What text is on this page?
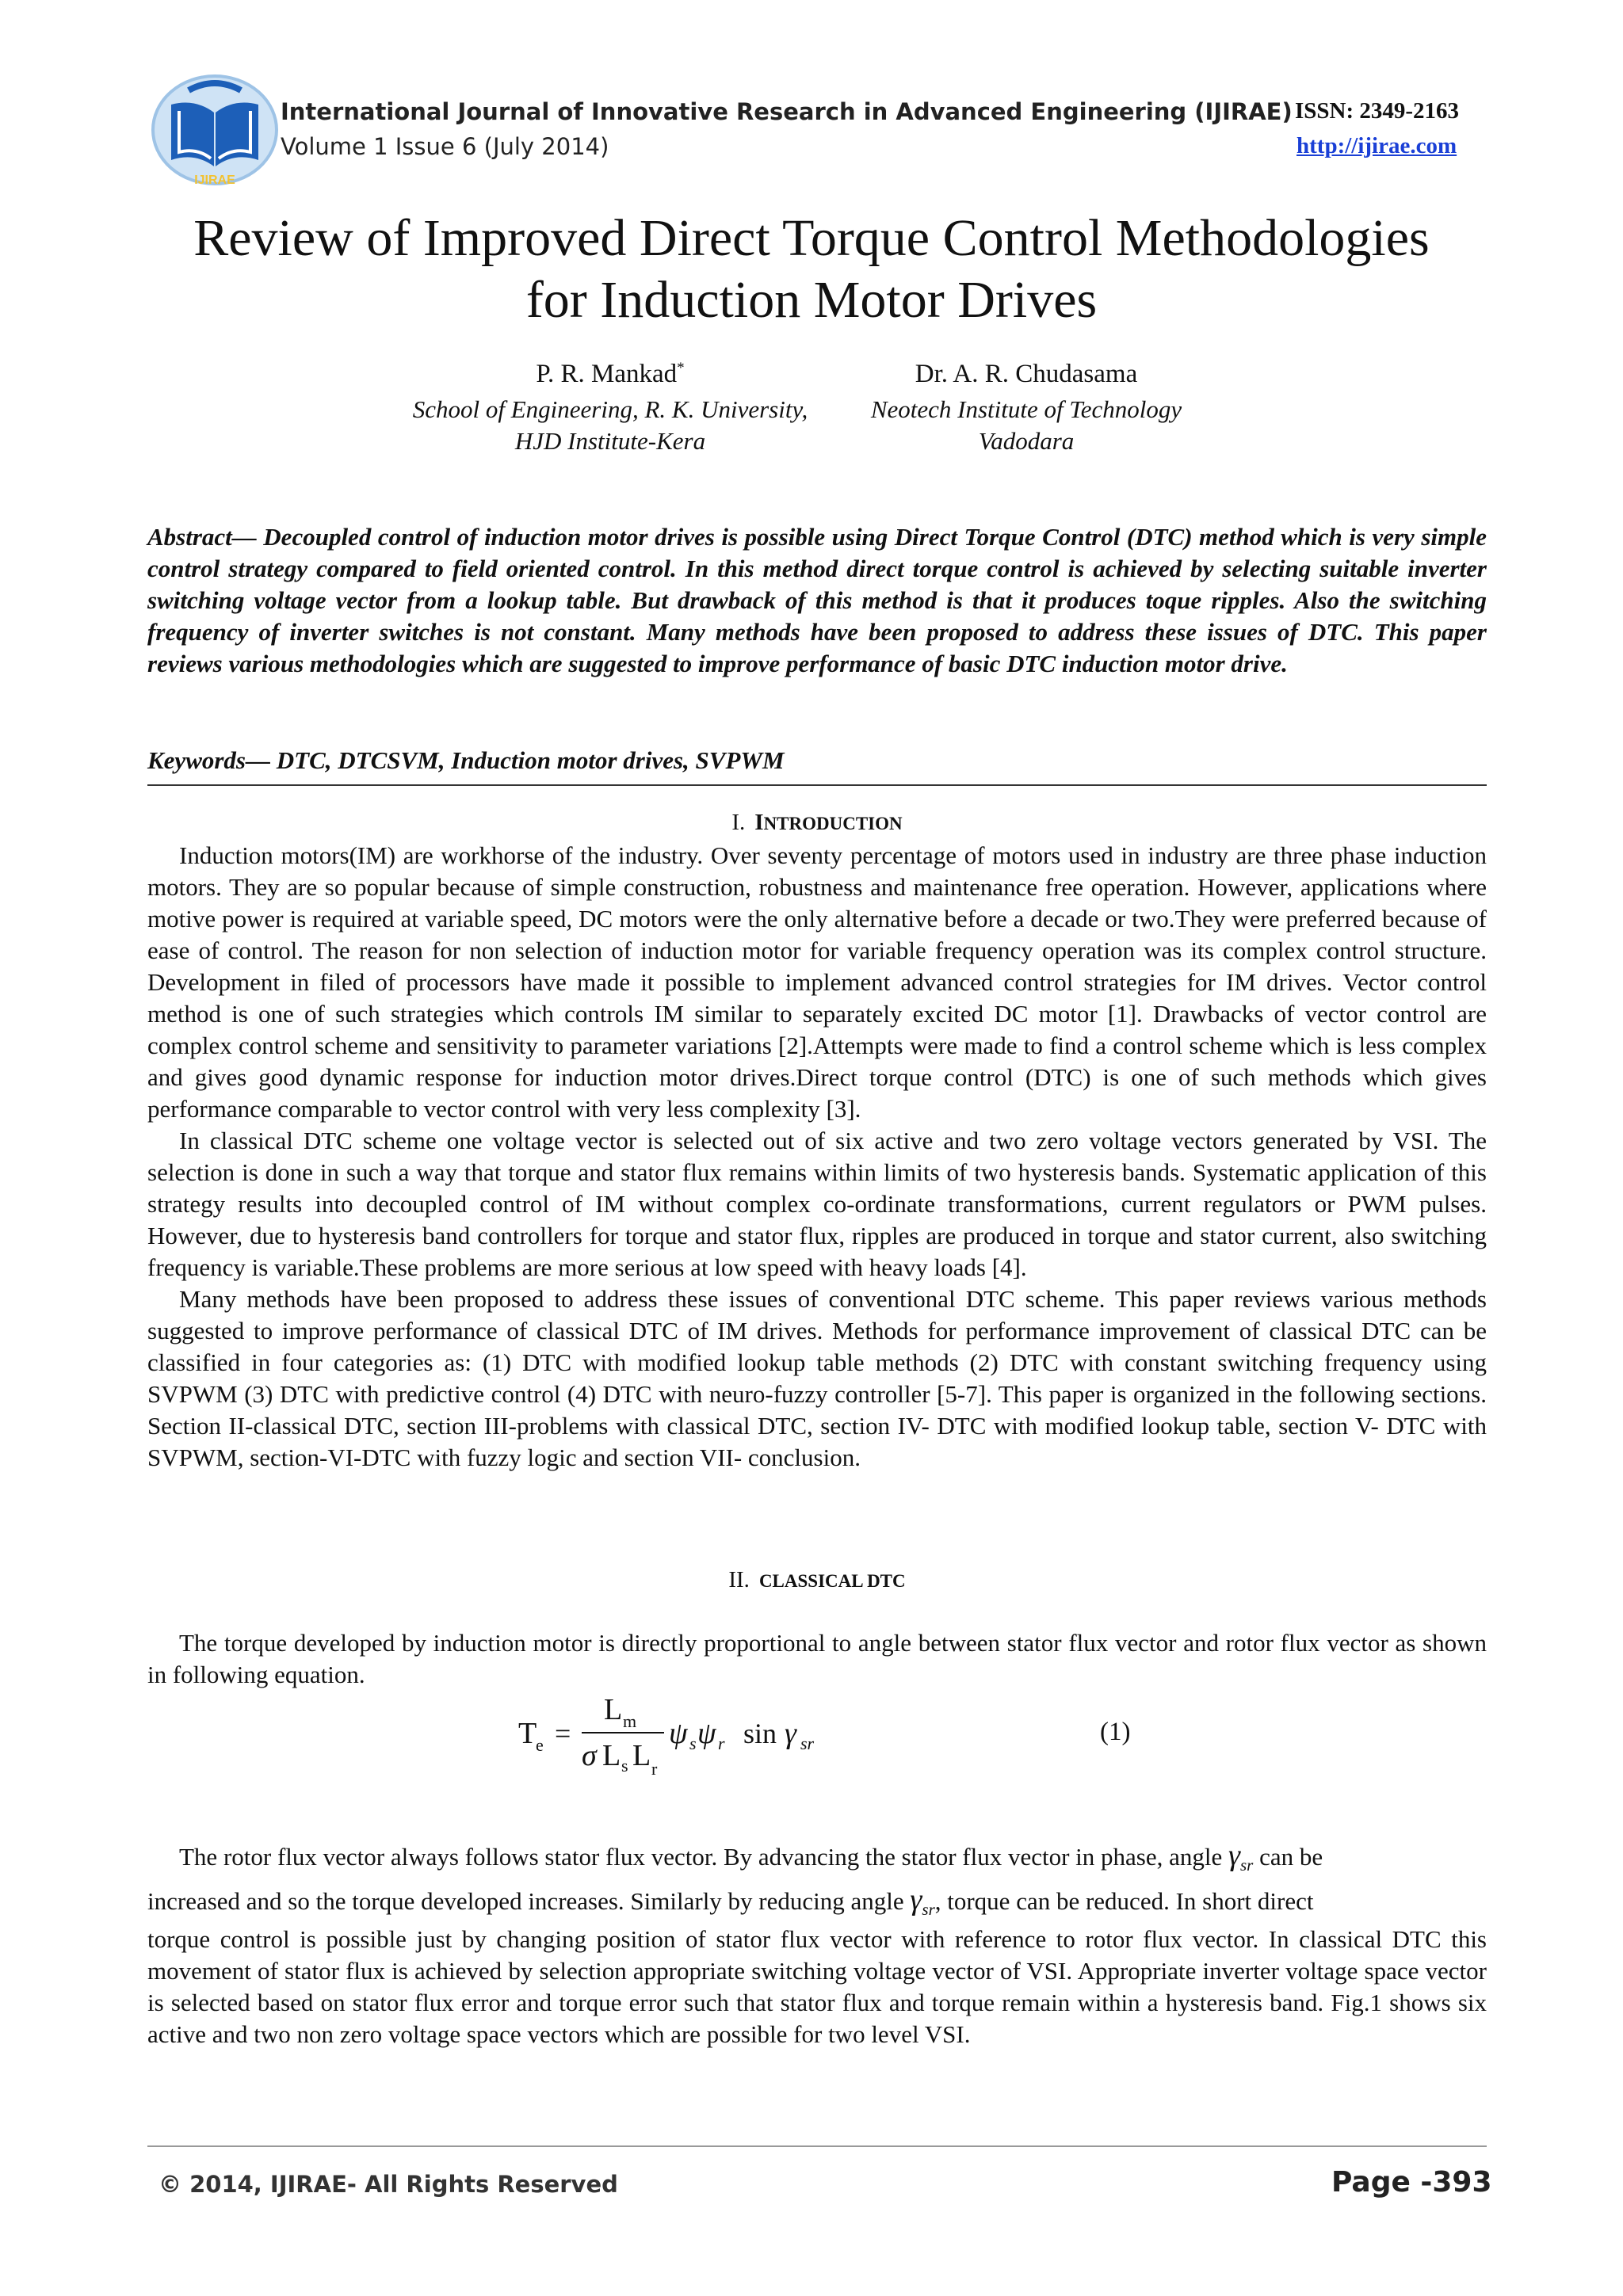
IJIRAE
International Journal of Innovative Research in Advanced Engineering (IJIRAE) ISSN: 2349-2163
Volume 1 Issue 6 (July 2014)	http://ijirae.com
Review of Improved Direct Torque Control Methodologies
for Induction Motor Drives
P. R. Mankad*
School of Engineering, R. K. University,
HJD Institute-Kera
Dr. A. R. Chudasama
Neotech Institute of Technology
Vadodara

Abstract— Decoupled control of induction motor drives is possible using Direct Torque Control (DTC) method which is very simple control strategy compared to field oriented control. In this method direct torque control is achieved by selecting suitable inverter switching voltage vector from a lookup table. But drawback of this method is that it produces toque ripples. Also the switching frequency of inverter switches is not constant. Many methods have been proposed to address these issues of DTC. This paper reviews various methodologies which are suggested to improve performance of basic DTC induction motor drive.

Keywords— DTC, DTCSVM, Induction motor drives, SVPWM

I. INTRODUCTION

Induction motors(IM) are workhorse of the industry. Over seventy percentage of motors used in industry are three phase induction motors. They are so popular because of simple construction, robustness and maintenance free operation. However, applications where motive power is required at variable speed, DC motors were the only alternative before a decade or two.They were preferred because of ease of control. The reason for non selection of induction motor for variable frequency operation was its complex control structure. Development in filed of processors have made it possible to implement advanced control strategies for IM drives. Vector control method is one of such strategies which controls IM similar to separately excited DC motor [1]. Drawbacks of vector control are complex control scheme and sensitivity to parameter variations [2].Attempts were made to find a control scheme which is less complex and gives good dynamic response for induction motor drives.Direct torque control (DTC) is one of such methods which gives performance comparable to vector control with very less complexity [3].

In classical DTC scheme one voltage vector is selected out of six active and two zero voltage vectors generated by VSI. The selection is done in such a way that torque and stator flux remains within limits of two hysteresis bands. Systematic application of this strategy results into decoupled control of IM without complex co-ordinate transformations, current regulators or PWM pulses. However, due to hysteresis band controllers for torque and stator flux, ripples are produced in torque and stator current, also switching frequency is variable.These problems are more serious at low speed with heavy loads [4].

Many methods have been proposed to address these issues of conventional DTC scheme. This paper reviews various methods suggested to improve performance of classical DTC of IM drives. Methods for performance improvement of classical DTC can be classified in four categories as: (1) DTC with modified lookup table methods (2) DTC with constant switching frequency using SVPWM (3) DTC with predictive control (4) DTC with neuro-fuzzy controller [5-7]. This paper is organized in the following sections. Section II-classical DTC, section III-problems with classical DTC, section IV- DTC with modified lookup table, section V- DTC with SVPWM, section-VI-DTC with fuzzy logic and section VII- conclusion.

II. CLASSICAL DTC

The torque developed by induction motor is directly proportional to angle between stator flux vector and rotor flux vector as shown in following equation.

T
e =
L m
σ L s L r
ψ s ψ r sin γ sr	(1)

The rotor flux vector always follows stator flux vector. By advancing the stator flux vector in phase, angle $\gamma_{sr}$ can be

increased and so the torque developed increases. Similarly by reducing angle $\gamma_{sr}$, torque can be reduced. In short direct

torque control is possible just by changing position of stator flux vector with reference to rotor flux vector. In classical DTC this movement of stator flux is achieved by selection appropriate switching voltage vector of VSI. Appropriate inverter voltage space vector is selected based on stator flux error and torque error such that stator flux and torque remain within a hysteresis band. Fig.1 shows six active and two non zero voltage space vectors which are possible for two level VSI.

© 2014, IJIRAE- All Rights Reserved	Page -393
